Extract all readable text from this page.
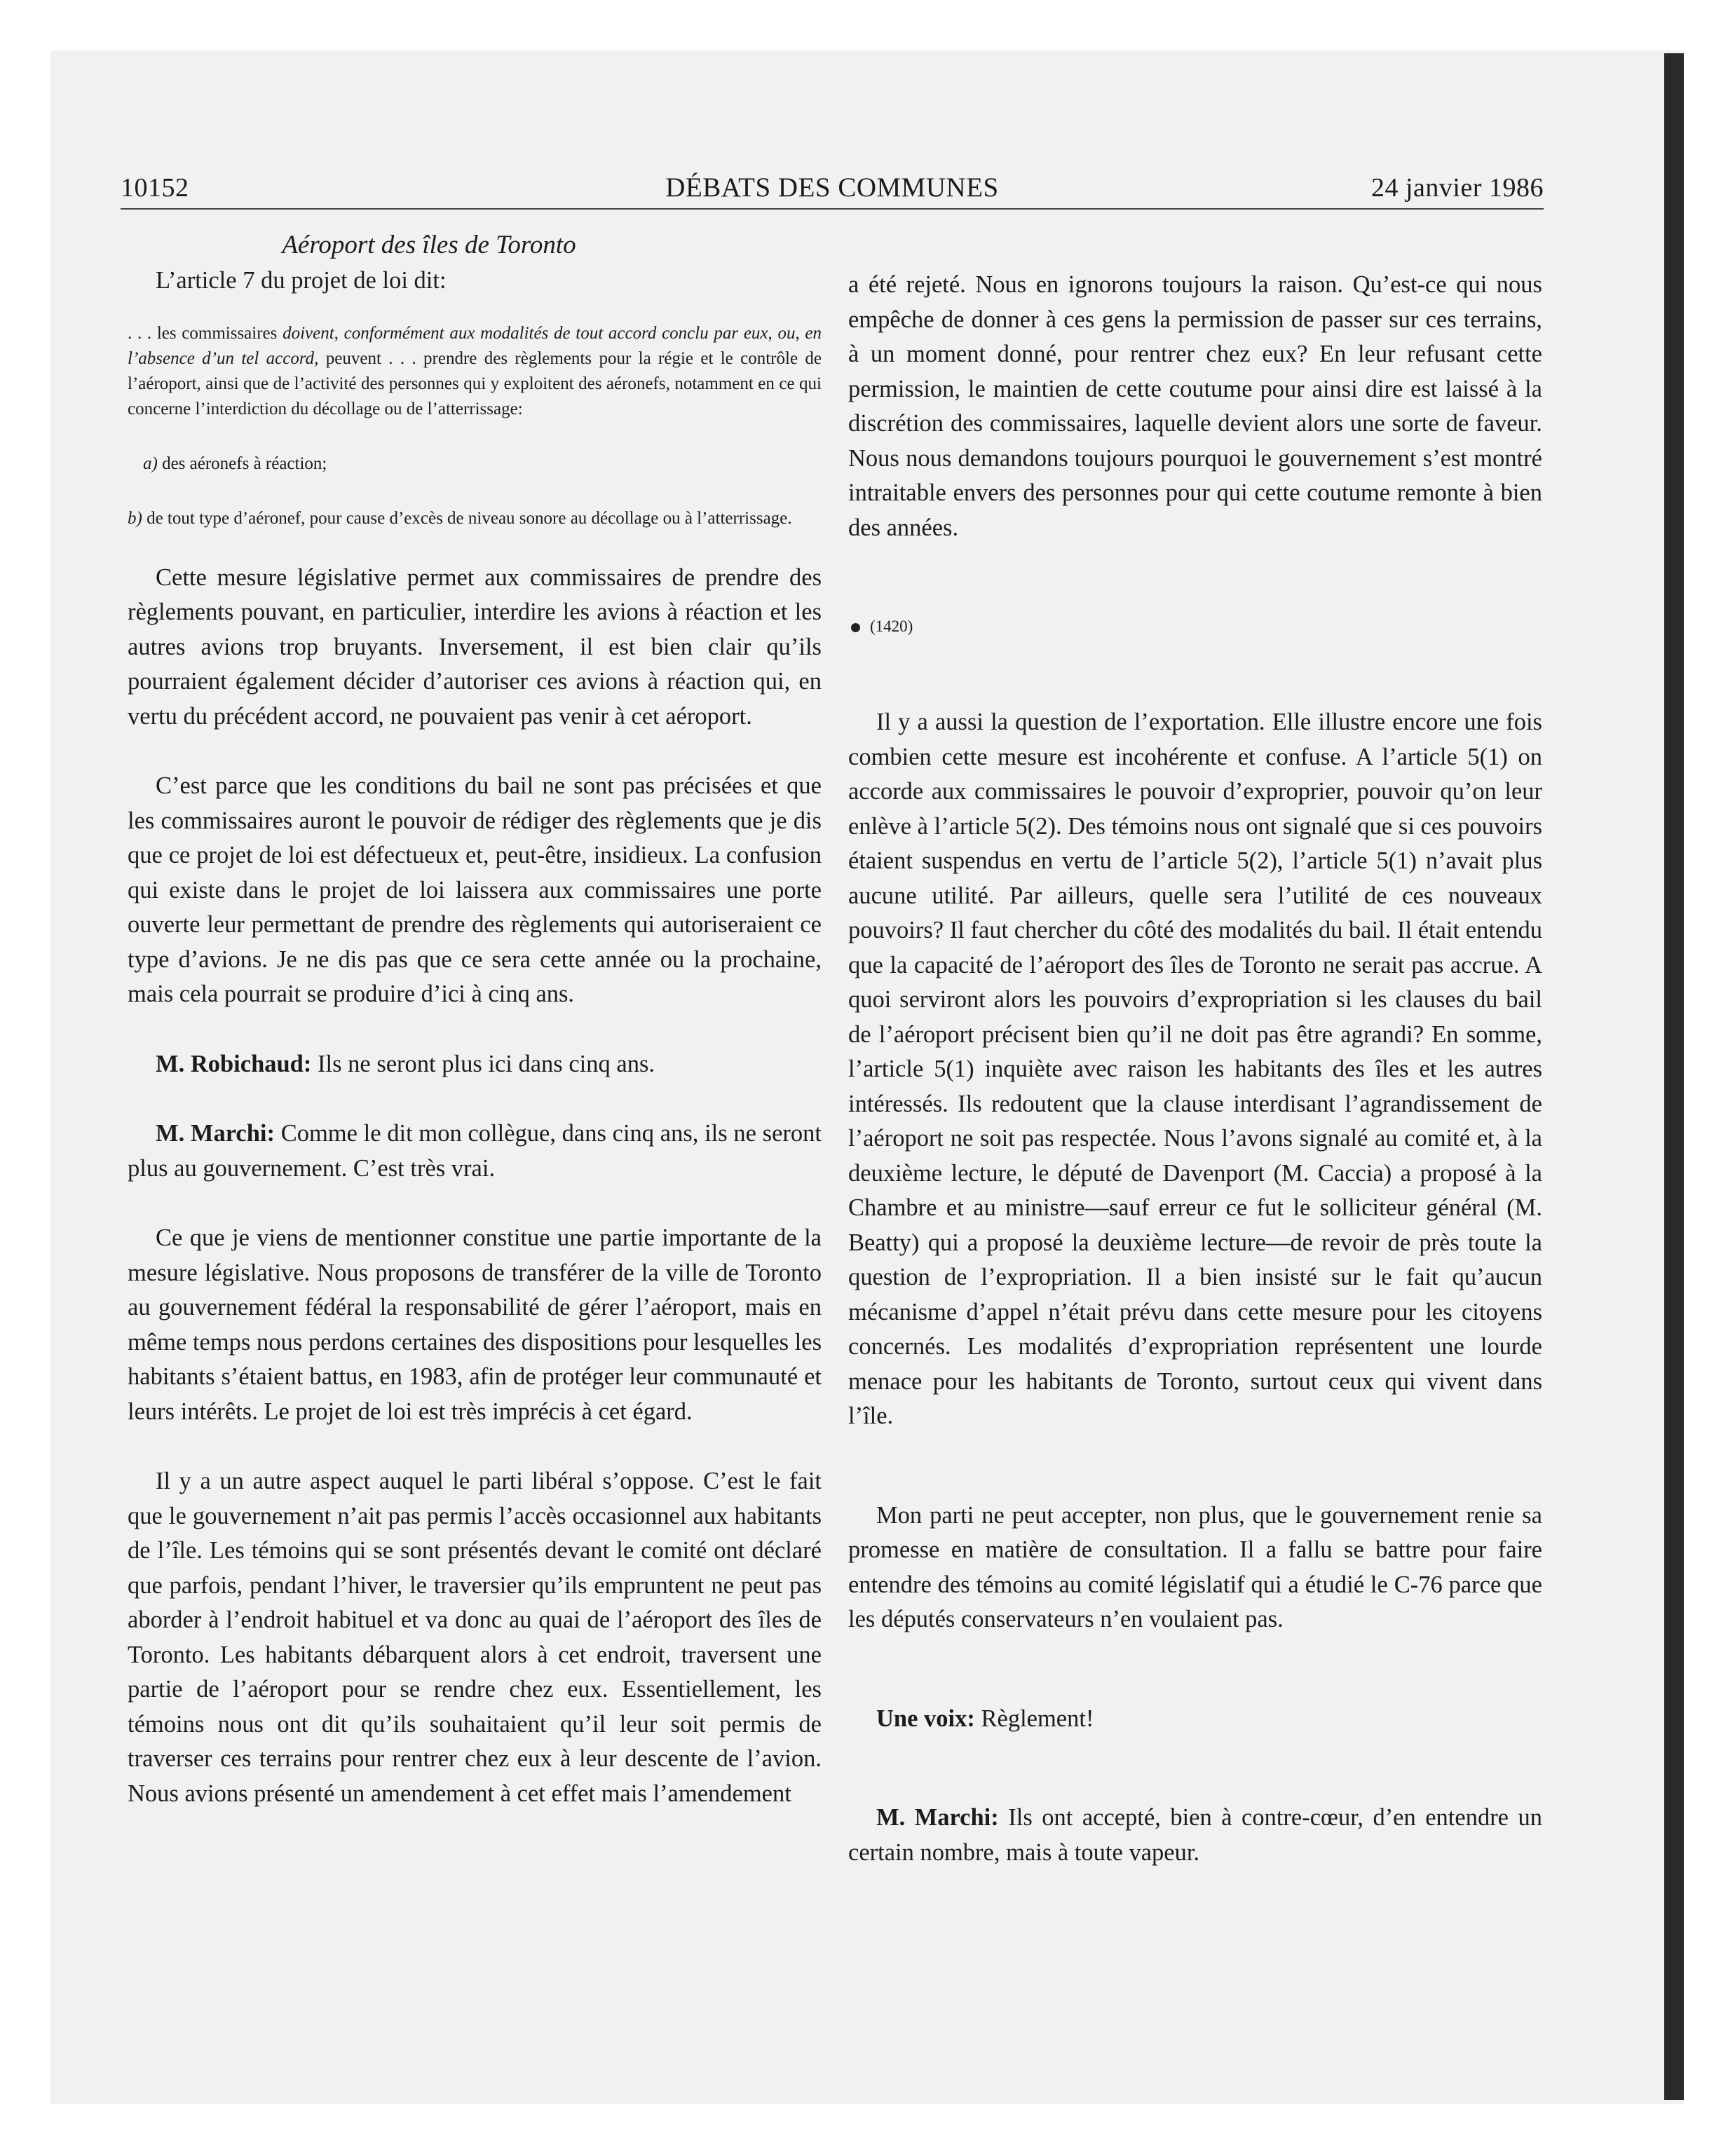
10152	DÉBATS DES COMMUNES	24 janvier 1986

Aéroport des îles de Toronto

L’article 7 du projet de loi dit:

. . . les commissaires doivent, conformément aux modalités de tout accord conclu par eux, ou, en l’absence d’un tel accord, peuvent . . . prendre des règlements pour la régie et le contrôle de l’aéroport, ainsi que de l’activité des personnes qui y exploitent des aéronefs, notamment en ce qui concerne l’interdiction du décollage ou de l’atterrissage:

a) des aéronefs à réaction;

b) de tout type d’aéronef, pour cause d’excès de niveau sonore au décollage ou à l’atterrissage.

Cette mesure législative permet aux commissaires de prendre des règlements pouvant, en particulier, interdire les avions à réaction et les autres avions trop bruyants. Inversement, il est bien clair qu’ils pourraient également décider d’autoriser ces avions à réaction qui, en vertu du précédent accord, ne pouvaient pas venir à cet aéroport.

C’est parce que les conditions du bail ne sont pas précisées et que les commissaires auront le pouvoir de rédiger des règlements que je dis que ce projet de loi est défectueux et, peut-être, insidieux. La confusion qui existe dans le projet de loi laissera aux commissaires une porte ouverte leur permettant de prendre des règlements qui autoriseraient ce type d’avions. Je ne dis pas que ce sera cette année ou la prochaine, mais cela pourrait se produire d’ici à cinq ans.

M. Robichaud: Ils ne seront plus ici dans cinq ans.

M. Marchi: Comme le dit mon collègue, dans cinq ans, ils ne seront plus au gouvernement. C’est très vrai.

Ce que je viens de mentionner constitue une partie importante de la mesure législative. Nous proposons de transférer de la ville de Toronto au gouvernement fédéral la responsabilité de gérer l’aéroport, mais en même temps nous perdons certaines des dispositions pour lesquelles les habitants s’étaient battus, en 1983, afin de protéger leur communauté et leurs intérêts. Le projet de loi est très imprécis à cet égard.

Il y a un autre aspect auquel le parti libéral s’oppose. C’est le fait que le gouvernement n’ait pas permis l’accès occasionnel aux habitants de l’île. Les témoins qui se sont présentés devant le comité ont déclaré que parfois, pendant l’hiver, le traversier qu’ils empruntent ne peut pas aborder à l’endroit habituel et va donc au quai de l’aéroport des îles de Toronto. Les habitants débarquent alors à cet endroit, traversent une partie de l’aéroport pour se rendre chez eux. Essentiellement, les témoins nous ont dit qu’ils souhaitaient qu’il leur soit permis de traverser ces terrains pour rentrer chez eux à leur descente de l’avion. Nous avions présenté un amendement à cet effet mais l’amendement

a été rejeté. Nous en ignorons toujours la raison. Qu’est-ce qui nous empêche de donner à ces gens la permission de passer sur ces terrains, à un moment donné, pour rentrer chez eux? En leur refusant cette permission, le maintien de cette coutume pour ainsi dire est laissé à la discrétion des commissaires, laquelle devient alors une sorte de faveur. Nous nous demandons toujours pourquoi le gouvernement s’est montré intraitable envers des personnes pour qui cette coutume remonte à bien des années.

(1420)

Il y a aussi la question de l’exportation. Elle illustre encore une fois combien cette mesure est incohérente et confuse. A l’article 5(1) on accorde aux commissaires le pouvoir d’exproprier, pouvoir qu’on leur enlève à l’article 5(2). Des témoins nous ont signalé que si ces pouvoirs étaient suspendus en vertu de l’article 5(2), l’article 5(1) n’avait plus aucune utilité. Par ailleurs, quelle sera l’utilité de ces nouveaux pouvoirs? Il faut chercher du côté des modalités du bail. Il était entendu que la capacité de l’aéroport des îles de Toronto ne serait pas accrue. A quoi serviront alors les pouvoirs d’expropriation si les clauses du bail de l’aéroport précisent bien qu’il ne doit pas être agrandi? En somme, l’article 5(1) inquiète avec raison les habitants des îles et les autres intéressés. Ils redoutent que la clause interdisant l’agrandissement de l’aéroport ne soit pas respectée. Nous l’avons signalé au comité et, à la deuxième lecture, le député de Davenport (M. Caccia) a proposé à la Chambre et au ministre—sauf erreur ce fut le solliciteur général (M. Beatty) qui a proposé la deuxième lecture—de revoir de près toute la question de l’expropriation. Il a bien insisté sur le fait qu’aucun mécanisme d’appel n’était prévu dans cette mesure pour les citoyens concernés. Les modalités d’expropriation représentent une lourde menace pour les habitants de Toronto, surtout ceux qui vivent dans l’île.

Mon parti ne peut accepter, non plus, que le gouvernement renie sa promesse en matière de consultation. Il a fallu se battre pour faire entendre des témoins au comité législatif qui a étudié le C-76 parce que les députés conservateurs n’en voulaient pas.

Une voix: Règlement!

M. Marchi: Ils ont accepté, bien à contre-cœur, d’en entendre un certain nombre, mais à toute vapeur.
